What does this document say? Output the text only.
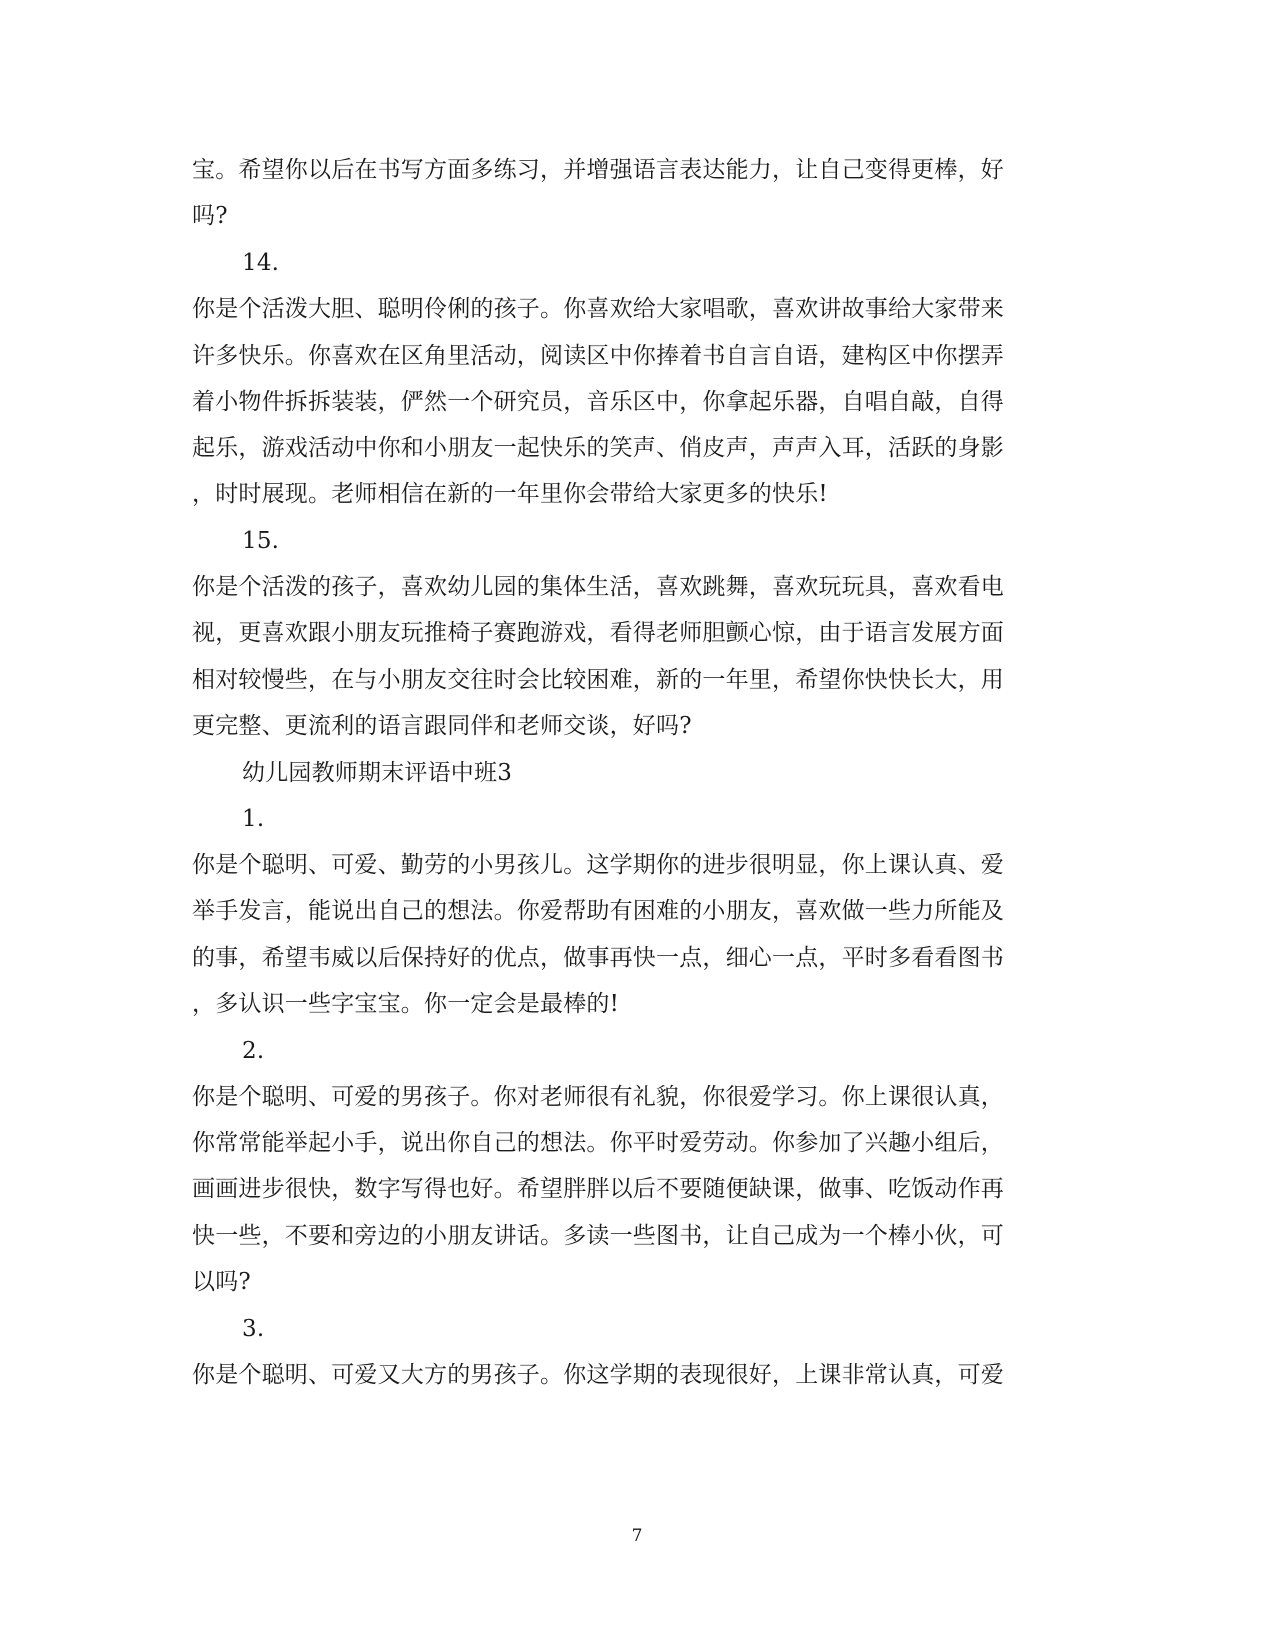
宝。希望你以后在书写方面多练习，并增强语言表达能力，让自己变得更棒，好
吗?
14.
你是个活泼大胆、聪明伶俐的孩子。你喜欢给大家唱歌，喜欢讲故事给大家带来
许多快乐。你喜欢在区角里活动，阅读区中你捧着书自言自语，建构区中你摆弄
着小物件拆拆装装，俨然一个研究员，音乐区中，你拿起乐器，自唱自敲，自得
起乐，游戏活动中你和小朋友一起快乐的笑声、俏皮声，声声入耳，活跃的身影
，时时展现。老师相信在新的一年里你会带给大家更多的快乐!
15.
你是个活泼的孩子，喜欢幼儿园的集体生活，喜欢跳舞，喜欢玩玩具，喜欢看电
视，更喜欢跟小朋友玩推椅子赛跑游戏，看得老师胆颤心惊，由于语言发展方面
相对较慢些，在与小朋友交往时会比较困难，新的一年里，希望你快快长大，用
更完整、更流利的语言跟同伴和老师交谈，好吗?
幼儿园教师期末评语中班3
1.
你是个聪明、可爱、勤劳的小男孩儿。这学期你的进步很明显，你上课认真、爱
举手发言，能说出自己的想法。你爱帮助有困难的小朋友，喜欢做一些力所能及
的事，希望韦威以后保持好的优点，做事再快一点，细心一点，平时多看看图书
，多认识一些字宝宝。你一定会是最棒的!
2.
你是个聪明、可爱的男孩子。你对老师很有礼貌，你很爱学习。你上课很认真，
你常常能举起小手，说出你自己的想法。你平时爱劳动。你参加了兴趣小组后，
画画进步很快，数字写得也好。希望胖胖以后不要随便缺课，做事、吃饭动作再
快一些，不要和旁边的小朋友讲话。多读一些图书，让自己成为一个棒小伙，可
以吗?
3.
你是个聪明、可爱又大方的男孩子。你这学期的表现很好，上课非常认真，可爱
7
